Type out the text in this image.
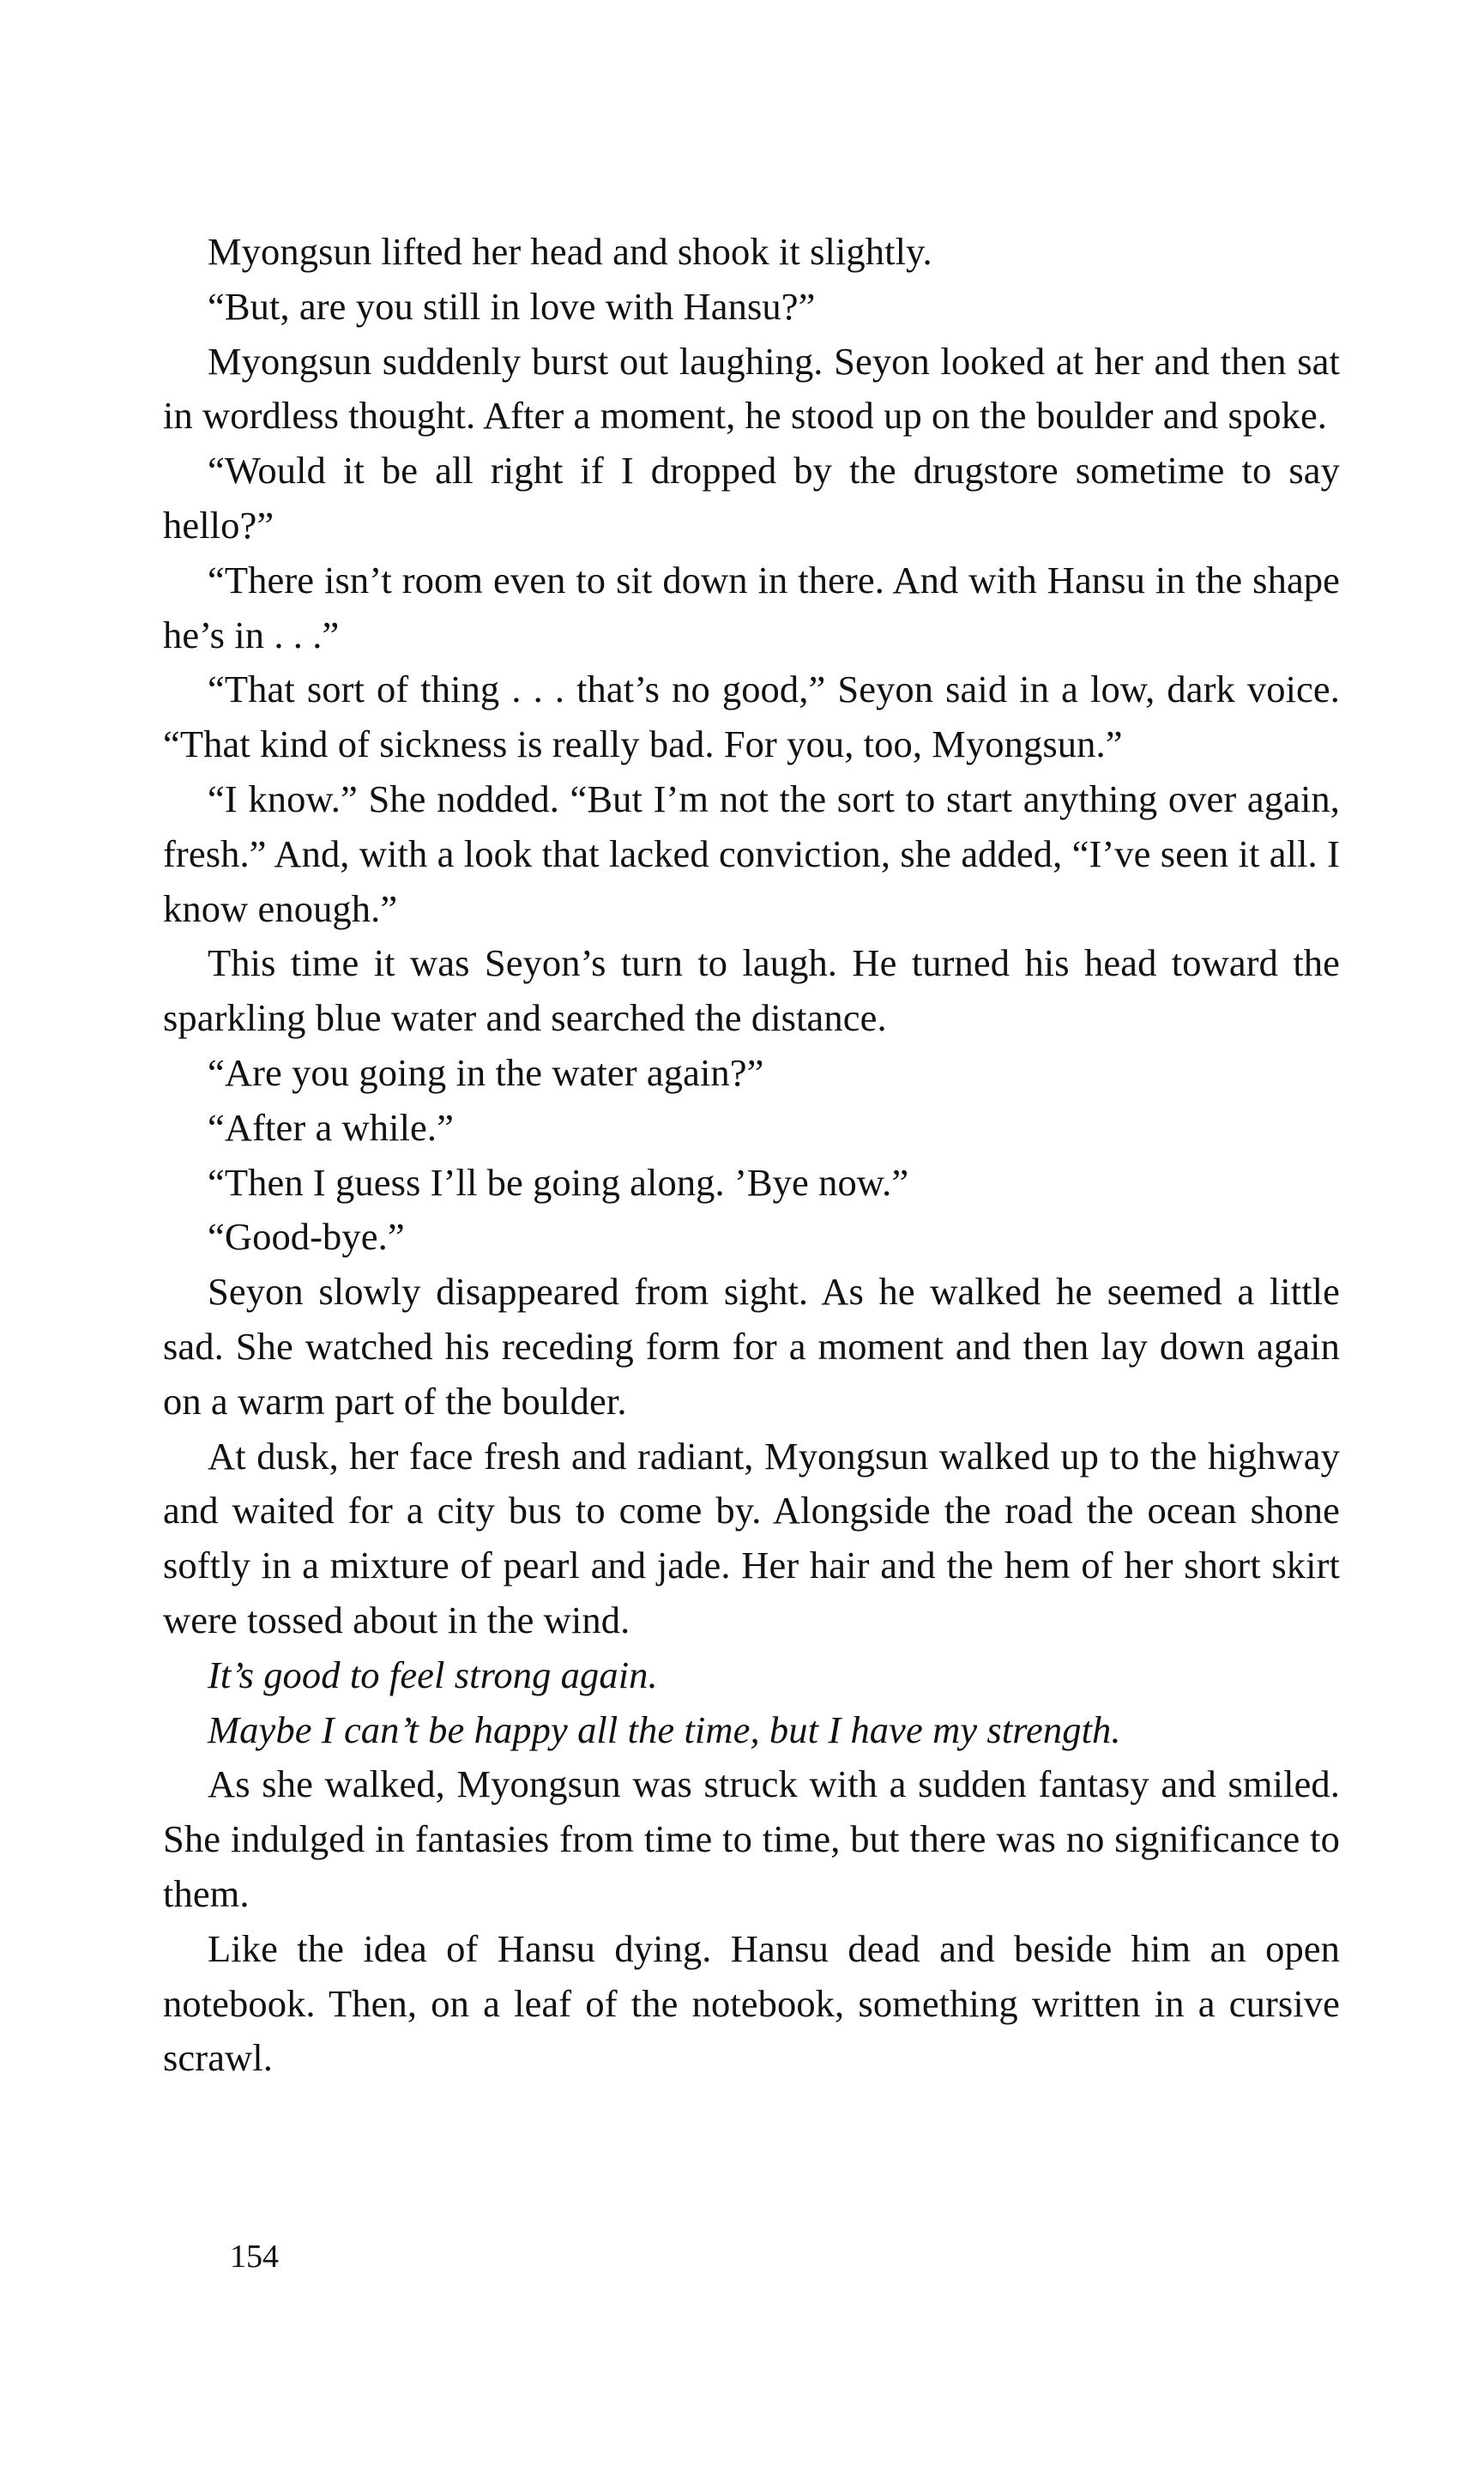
Myongsun lifted her head and shook it slightly.

“But, are you still in love with Hansu?”

Myongsun suddenly burst out laughing. Seyon looked at her and then sat in wordless thought. After a moment, he stood up on the boulder and spoke.

“Would it be all right if I dropped by the drugstore sometime to say hello?”

“There isn’t room even to sit down in there. And with Hansu in the shape he’s in . . .”

“That sort of thing . . . that’s no good,” Seyon said in a low, dark voice. “That kind of sickness is really bad. For you, too, Myongsun.”

“I know.” She nodded. “But I’m not the sort to start anything over again, fresh.” And, with a look that lacked conviction, she added, “I’ve seen it all. I know enough.”

This time it was Seyon’s turn to laugh. He turned his head toward the sparkling blue water and searched the distance.

“Are you going in the water again?”

“After a while.”

“Then I guess I’ll be going along. ’Bye now.”

“Good-bye.”

Seyon slowly disappeared from sight. As he walked he seemed a little sad. She watched his receding form for a moment and then lay down again on a warm part of the boulder.

At dusk, her face fresh and radiant, Myongsun walked up to the highway and waited for a city bus to come by. Alongside the road the ocean shone softly in a mixture of pearl and jade. Her hair and the hem of her short skirt were tossed about in the wind.

It’s good to feel strong again.

Maybe I can’t be happy all the time, but I have my strength.

As she walked, Myongsun was struck with a sudden fantasy and smiled. She indulged in fantasies from time to time, but there was no significance to them.

Like the idea of Hansu dying. Hansu dead and beside him an open notebook. Then, on a leaf of the notebook, something written in a cursive scrawl.

154
